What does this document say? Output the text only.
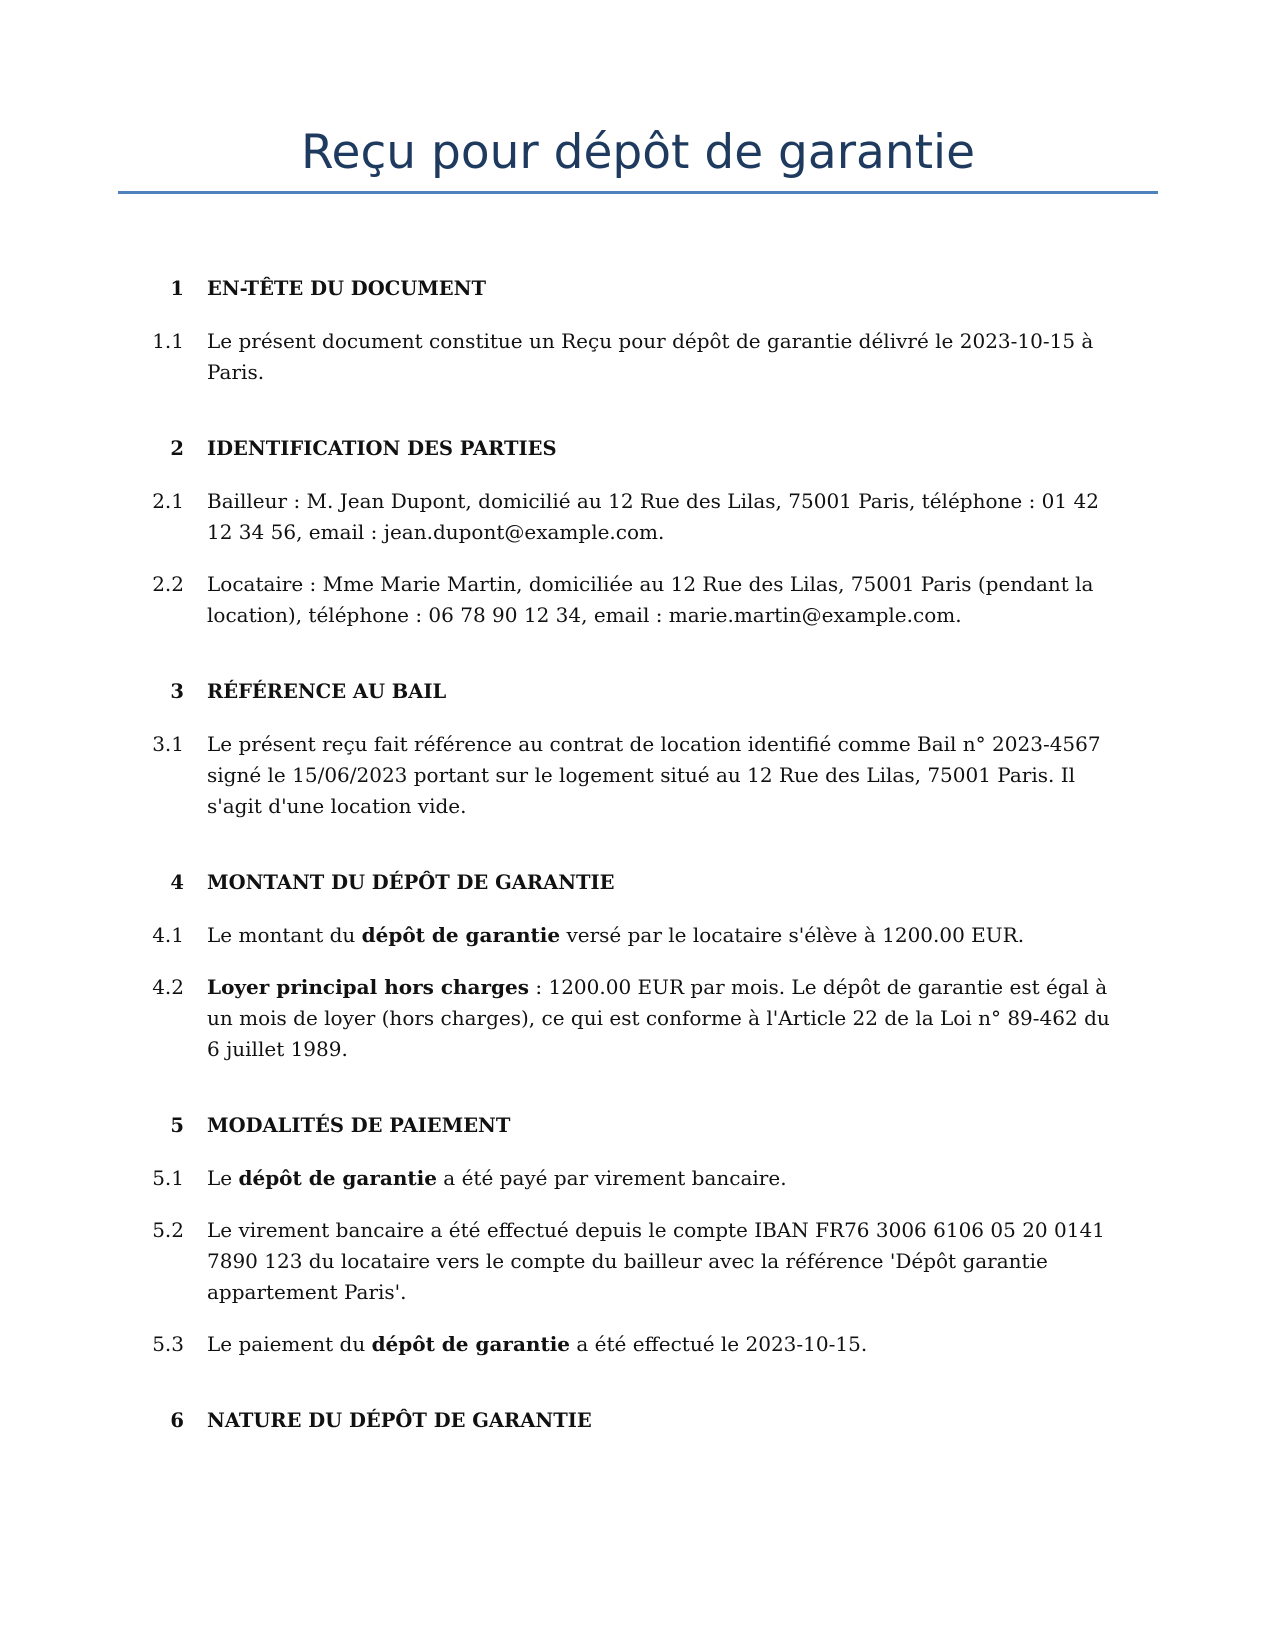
Reçu pour dépôt de garantie
1 EN-TÊTE DU DOCUMENT
1.1 Le présent document constitue un Reçu pour dépôt de garantie délivré le 2023-10-15 à Paris.
2 IDENTIFICATION DES PARTIES
2.1 Bailleur : M. Jean Dupont, domicilié au 12 Rue des Lilas, 75001 Paris, téléphone : 01 42 12 34 56, email : jean.dupont@example.com.
2.2 Locataire : Mme Marie Martin, domiciliée au 12 Rue des Lilas, 75001 Paris (pendant la location), téléphone : 06 78 90 12 34, email : marie.martin@example.com.
3 RÉFÉRENCE AU BAIL
3.1 Le présent reçu fait référence au contrat de location identifié comme Bail n° 2023-4567 signé le 15/06/2023 portant sur le logement situé au 12 Rue des Lilas, 75001 Paris. Il s'agit d'une location vide.
4 MONTANT DU DÉPÔT DE GARANTIE
4.1 Le montant du dépôt de garantie versé par le locataire s'élève à 1200.00 EUR.
4.2 Loyer principal hors charges : 1200.00 EUR par mois. Le dépôt de garantie est égal à un mois de loyer (hors charges), ce qui est conforme à l'Article 22 de la Loi n° 89-462 du 6 juillet 1989.
5 MODALITÉS DE PAIEMENT
5.1 Le dépôt de garantie a été payé par virement bancaire.
5.2 Le virement bancaire a été effectué depuis le compte IBAN FR76 3006 6106 05 20 0141 7890 123 du locataire vers le compte du bailleur avec la référence 'Dépôt garantie appartement Paris'.
5.3 Le paiement du dépôt de garantie a été effectué le 2023-10-15.
6 NATURE DU DÉPÔT DE GARANTIE
